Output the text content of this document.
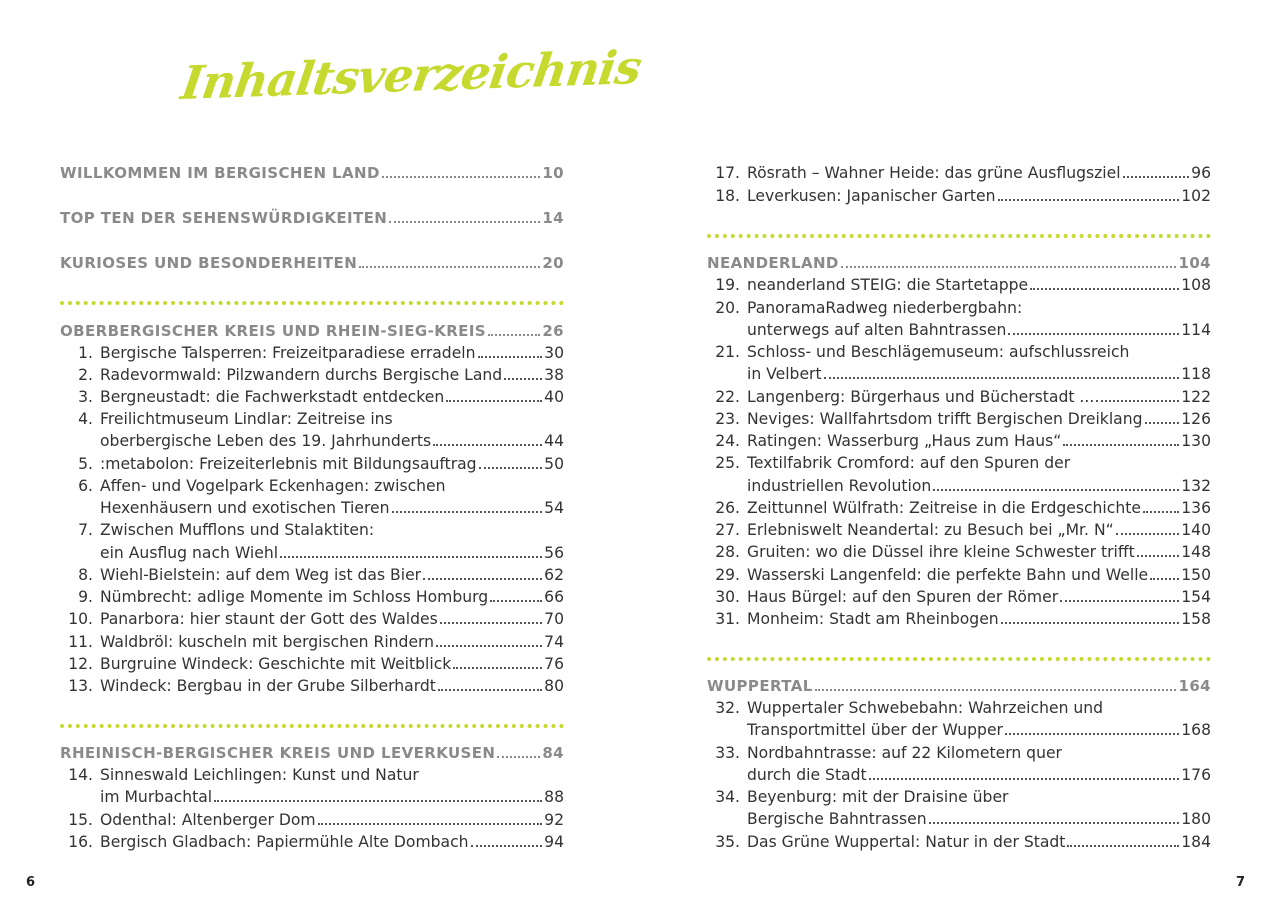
Inhaltsverzeichnis
WILLKOMMEN IM BERGISCHEN LAND	10
TOP TEN DER SEHENSWÜRDIGKEITEN	14
KURIOSES UND BESONDERHEITEN	20
OBERBERGISCHER KREIS UND RHEIN-SIEG-KREIS	26
1. Bergische Talsperren: Freizeitparadiese erradeln	30
2. Radevormwald: Pilzwandern durchs Bergische Land	38
3. Bergneustadt: die Fachwerkstadt entdecken	40
4. Freilichtmuseum Lindlar: Zeitreise ins
oberbergische Leben des 19. Jahrhunderts	44
5. :metabolon: Freizeiterlebnis mit Bildungsauftrag	50
6. Affen- und Vogelpark Eckenhagen: zwischen
Hexenhäusern und exotischen Tieren	54
7. Zwischen Mufflons und Stalaktiten:
ein Ausflug nach Wiehl	56
8. Wiehl-Bielstein: auf dem Weg ist das Bier	62
9. Nümbrecht: adlige Momente im Schloss Homburg	66
10. Panarbora: hier staunt der Gott des Waldes	70
11. Waldbröl: kuscheln mit bergischen Rindern	74
12. Burgruine Windeck: Geschichte mit Weitblick	76
13. Windeck: Bergbau in der Grube Silberhardt	80
RHEINISCH-BERGISCHER KREIS UND LEVERKUSEN	84
14. Sinneswald Leichlingen: Kunst und Natur
im Murbachtal	88
15. Odenthal: Altenberger Dom	92
16. Bergisch Gladbach: Papiermühle Alte Dombach	94
6
17. Rösrath – Wahner Heide: das grüne Ausflugsziel	96
18. Leverkusen: Japanischer Garten	102
NEANDERLAND	104
19. neanderland STEIG: die Startetappe	108
20. PanoramaRadweg niederbergbahn:
unterwegs auf alten Bahntrassen	114
21. Schloss- und Beschlägemuseum: aufschlussreich
in Velbert	118
22. Langenberg: Bürgerhaus und Bücherstadt ...	122
23. Neviges: Wallfahrtsdom trifft Bergischen Dreiklang 126
24. Ratingen: Wasserburg „Haus zum Haus“	130
25. Textilfabrik Cromford: auf den Spuren der
industriellen Revolution	132
26. Zeittunnel Wülfrath: Zeitreise in die Erdgeschichte	136
27. Erlebniswelt Neandertal: zu Besuch bei „Mr. N“	140
28. Gruiten: wo die Düssel ihre kleine Schwester trifft	148
29. Wasserski Langenfeld: die perfekte Bahn und Welle 150
30. Haus Bürgel: auf den Spuren der Römer	154
31. Monheim: Stadt am Rheinbogen	158
WUPPERTAL	164
32. Wuppertaler Schwebebahn: Wahrzeichen und
Transportmittel über der Wupper	168
33. Nordbahntrasse: auf 22 Kilometern quer
durch die Stadt	176
34. Beyenburg: mit der Draisine über
Bergische Bahntrassen	180
35. Das Grüne Wuppertal: Natur in der Stadt	184
7
